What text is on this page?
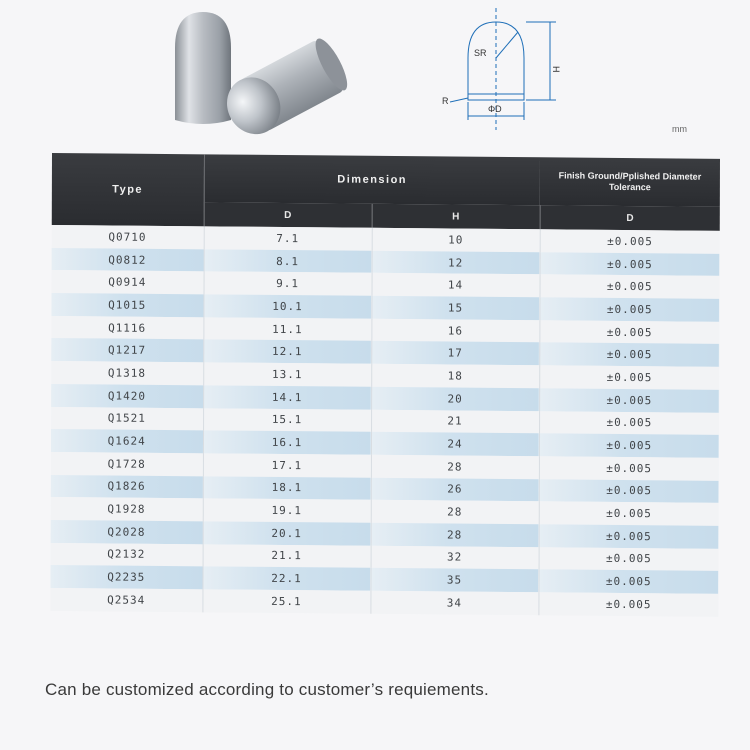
SR
H
R
ΦD
mm
Type	Dimension		Finish Ground/Pplished Diameter Tolerance
	D	H	D
Q0710	7.1	10	±0.005
Q0812	8.1	12	±0.005
Q0914	9.1	14	±0.005
Q1015	10.1	15	±0.005
Q1116	11.1	16	±0.005
Q1217	12.1	17	±0.005
Q1318	13.1	18	±0.005
Q1420	14.1	20	±0.005
Q1521	15.1	21	±0.005
Q1624	16.1	24	±0.005
Q1728	17.1	28	±0.005
Q1826	18.1	26	±0.005
Q1928	19.1	28	±0.005
Q2028	20.1	28	±0.005
Q2132	21.1	32	±0.005
Q2235	22.1	35	±0.005
Q2534	25.1	34	±0.005
Can be customized according to customer’s requiements.
